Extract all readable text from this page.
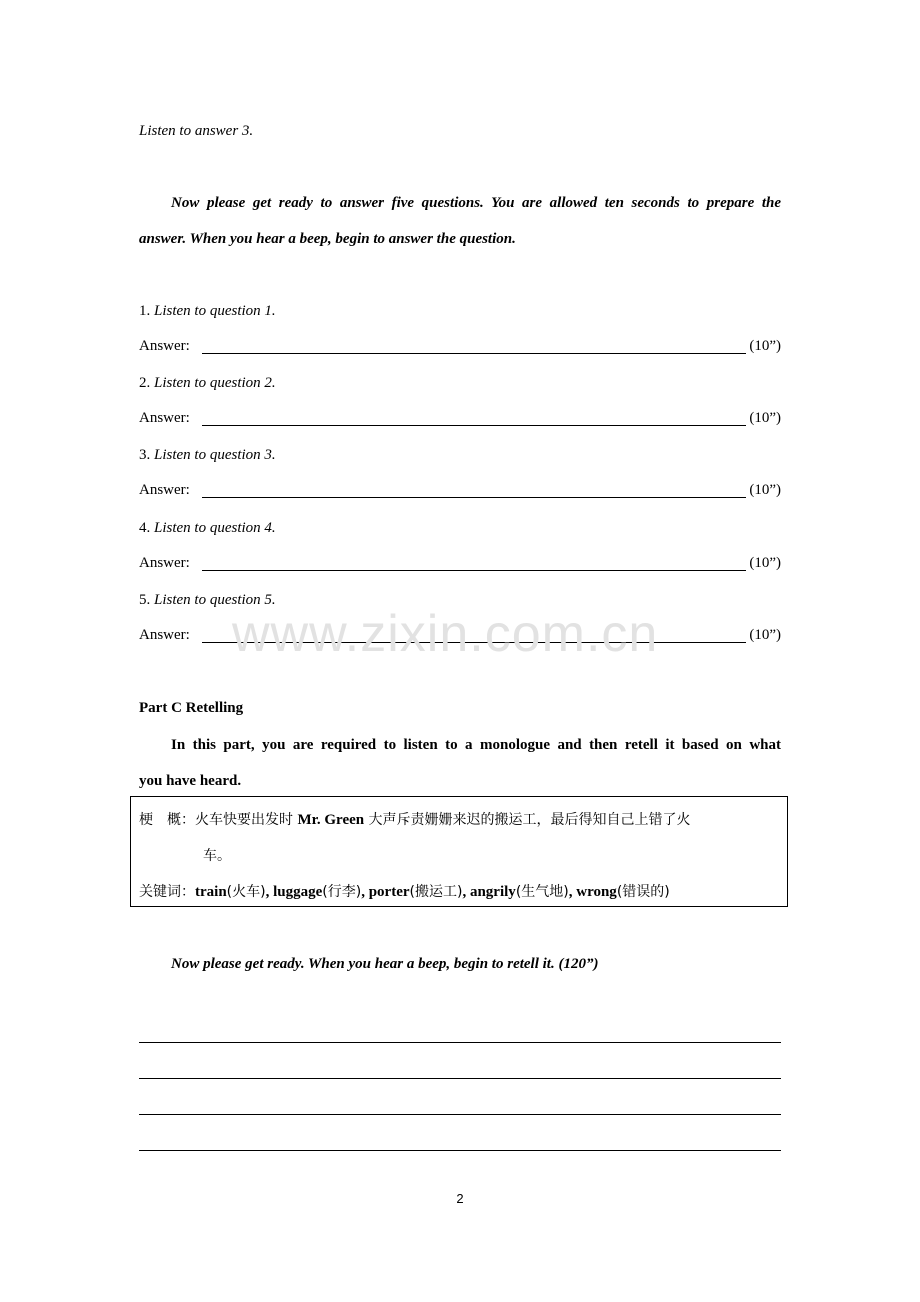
Listen to answer 3.
Now please get ready to answer five questions. You are allowed ten seconds to prepare the
answer. When you hear a beep, begin to answer the question.
1. Listen to question 1.
Answer:	(10”)
2. Listen to question 2.
Answer:	(10”)
3. Listen to question 3.
Answer:	(10”)
4. Listen to question 4.
Answer:	(10”)
5. Listen to question 5.
Answer:	(10”)
www.zixin.com.cn
Part C Retelling
In this part, you are required to listen to a monologue and then retell it based on what
you have heard.
梗　概：火车快要出发时 Mr. Green 大声斥责姗姗来迟的搬运工，最后得知自己上错了火
车。
关键词：train(火车), luggage(行李), porter(搬运工), angrily(生气地), wrong(错误的)
Now please get ready. When you hear a beep, begin to retell it. (120”)
2
